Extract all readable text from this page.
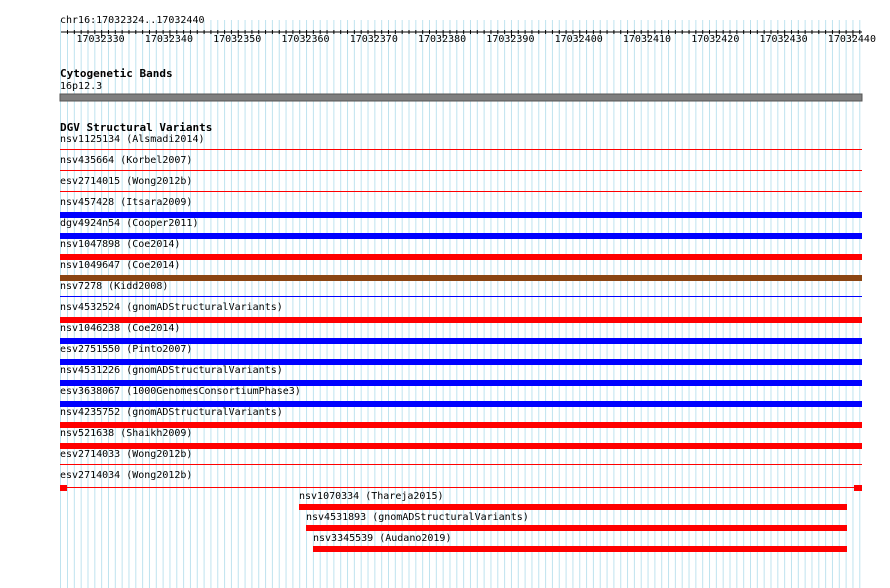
chr16:17032324..17032440
17032330 17032340 17032350 17032360 17032370 17032380 17032390 17032400 17032410 17032420 17032430 17032440
Cytogenetic Bands
16p12.3
DGV Structural Variants
nsv1125134 (Alsmadi2014)
nsv435664 (Korbel2007)
esv2714015 (Wong2012b)
nsv457428 (Itsara2009)
dgv4924n54 (Cooper2011)
nsv1047898 (Coe2014)
nsv1049647 (Coe2014)
nsv7278 (Kidd2008)
nsv4532524 (gnomADStructuralVariants)
nsv1046238 (Coe2014)
esv2751550 (Pinto2007)
nsv4531226 (gnomADStructuralVariants)
esv3638067 (1000GenomesConsortiumPhase3)
nsv4235752 (gnomADStructuralVariants)
nsv521638 (Shaikh2009)
esv2714033 (Wong2012b)
esv2714034 (Wong2012b)
nsv1070334 (Thareja2015)
nsv4531893 (gnomADStructuralVariants)
nsv3345539 (Audano2019)
